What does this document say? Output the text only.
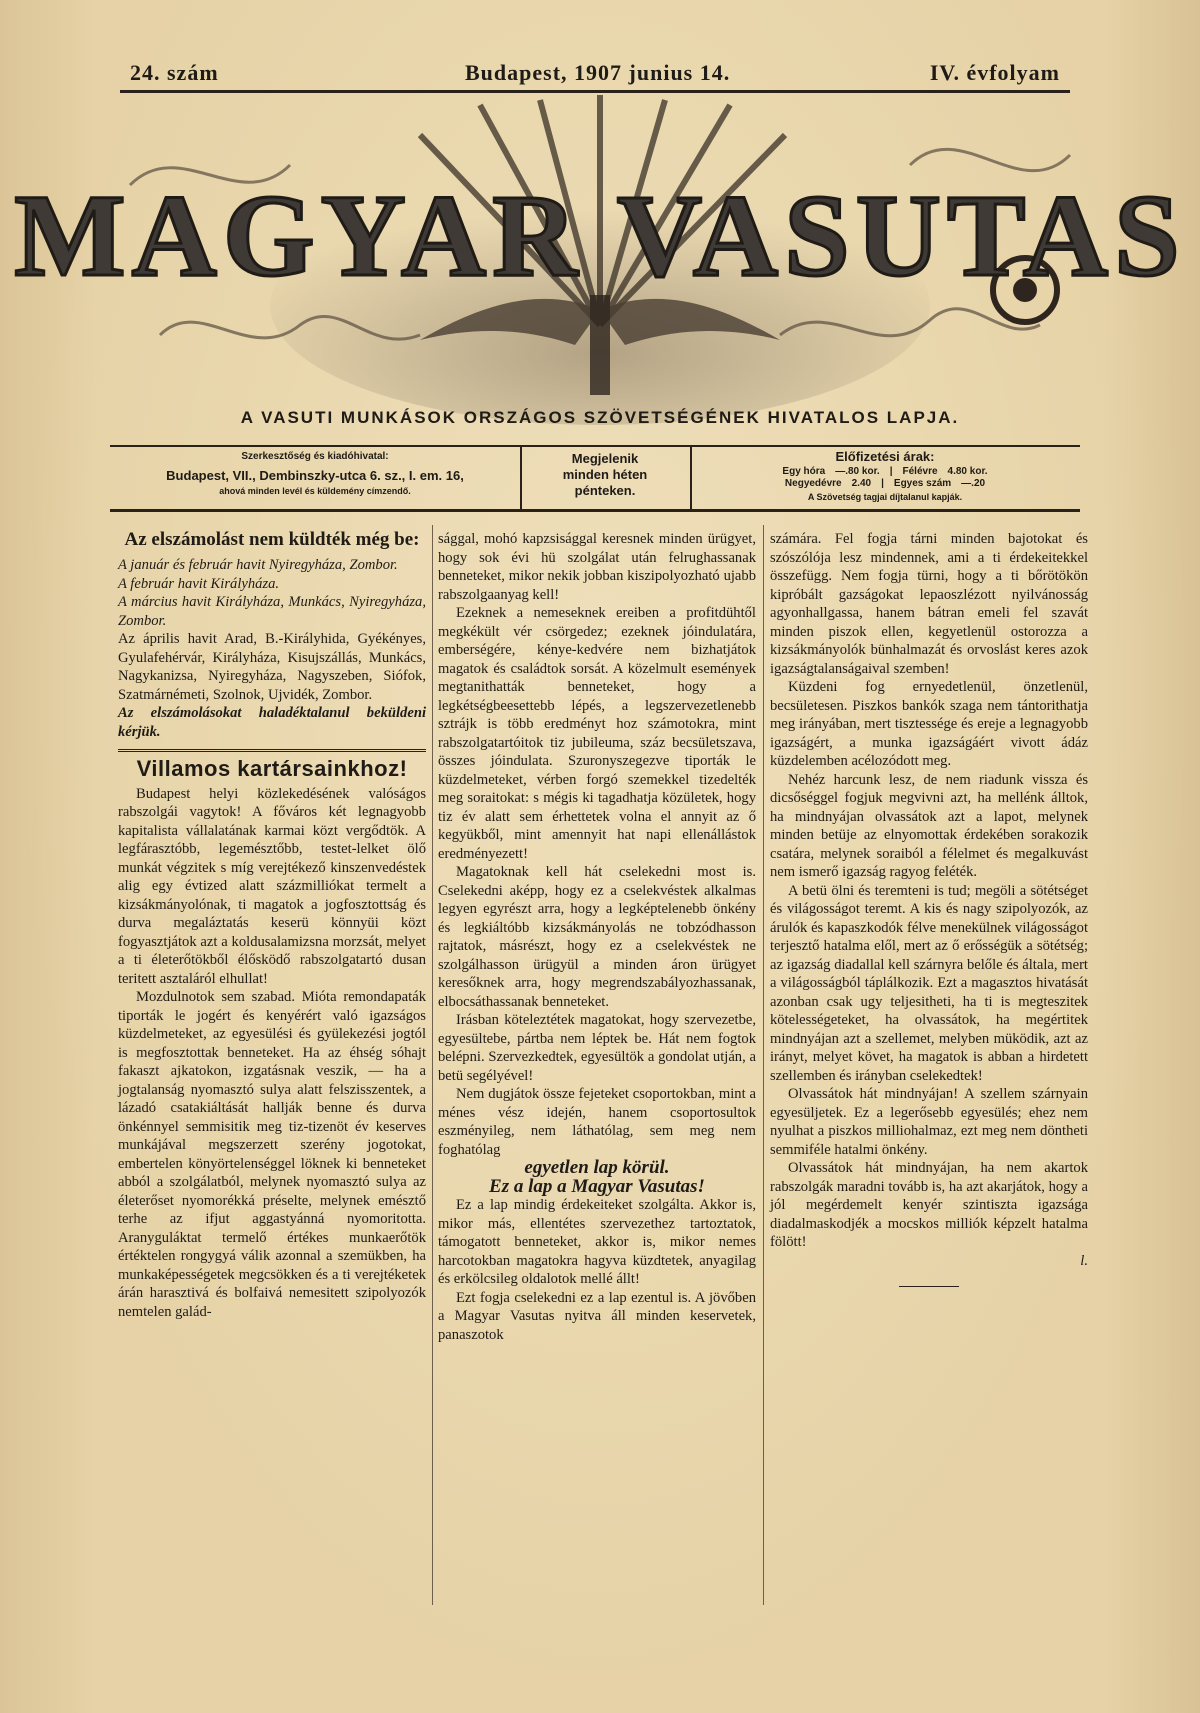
24. szám	Budapest, 1907 junius 14.	IV. évfolyam
MAGYAR VASUTAS
A VASUTI MUNKÁSOK ORSZÁGOS SZÖVETSÉGÉNEK HIVATALOS LAPJA.
Szerkesztőség és kiadóhivatal:
Budapest, VII., Dembinszky-utca 6. sz., I. em. 16,
ahová minden levél és küldemény címzendő.
Megjelenik
minden héten
pénteken.
Előfizetési árak:
Egy hóra —.80 kor. | Félévre 4.80 kor.
Negyedévre 2.40 | Egyes szám —.20
A Szövetség tagjai díjtalanul kapják.
Az elszámolást nem küldték még be:

A január és február havit Nyiregyháza, Zombor.

A február havit Királyháza.

A március havit Királyháza, Munkács, Nyiregyháza, Zombor.

Az április havit Arad, B.-Királyhida, Gyékényes, Gyulafehérvár, Királyháza, Kisujszállás, Munkács, Nagykanizsa, Nyiregyháza, Nagyszeben, Siófok, Szatmárnémeti, Szolnok, Ujvidék, Zombor.

Az elszámolásokat haladéktalanul beküldeni kérjük.

Villamos kartársainkhoz!

Budapest helyi közlekedésének valóságos rabszolgái vagytok! A főváros két legnagyobb kapitalista vállalatának karmai közt vergődtök. A legfárasztóbb, legemésztőbb, testet-lelket ölő munkát végzitek s míg verejtékező kinszenvedéstek alig egy évtized alatt százmilliókat termelt a kizsákmányolónak, ti magatok a jogfosztottság és durva megaláztatás keserü könnyüi közt fogyasztjátok azt a koldusalamizsna morzsát, melyet a ti életerőtökből élősködő rabszolgatartó dusan teritett asztaláról elhullat!

Mozdulnotok sem szabad. Mióta remondapaták tiporták le jogért és kenyérért való igazságos küzdelmeteket, az egyesülési és gyülekezési jogtól is megfosztottak benneteket. Ha az éhség sóhajt fakaszt ajkatokon, izgatásnak veszik, — ha a jogtalanság nyomasztó sulya alatt felszisszentek, a lázadó csatakiáltását hallják benne és durva önkénnyel semmisitik meg tiz-tizenöt év keserves munkájával megszerzett szerény jogotokat, embertelen könyörtelenséggel löknek ki benneteket abból a szolgálatból, melynek nyomasztó sulya az életerőset nyomorékká préselte, melynek emésztő terhe az ifjut aggastyánná nyomoritotta. Aranyguláktat termelő értékes munkaerőtök értéktelen rongygyá válik azonnal a szemükben, ha munkaképességetek megcsökken és a ti verejtéketek árán harasztivá és bolfaivá nemesitett szipolyozók nemtelen galád-

sággal, mohó kapzsisággal keresnek minden ürügyet, hogy sok évi hü szolgálat után felrughassanak benneteket, mikor nekik jobban kiszipolyozható ujabb rabszolgaanyag kell!

Ezeknek a nemeseknek ereiben a profitdühtől megkékült vér csörgedez; ezeknek jóindulatára, emberségére, kénye-kedvére nem bizhatjátok magatok és családtok sorsát. A közelmult események megtanithatták benneteket, hogy a legkétségbeesettebb lépés, a legszervezetlenebb sztrájk is több eredményt hoz számotokra, mint rabszolgatartóitok tiz jubileuma, száz becsületszava, összes jóindulata. Szuronyszegezve tiporták le küzdelmeteket, vérben forgó szemekkel tizedelték meg soraitokat: s mégis ki tagadhatja közületek, hogy tiz év alatt sem érhettetek volna el annyit az ő kegyükből, mint amennyit hat napi ellenállástok eredményezett!

Magatoknak kell hát cselekedni most is. Cselekedni aképp, hogy ez a cselekvéstek alkalmas legyen egyrészt arra, hogy a legképtelenebb önkény és legkiáltóbb kizsákmányolás ne tobzódhasson rajtatok, másrészt, hogy ez a cselekvéstek ne szolgálhasson ürügyül a minden áron ürügyet keresőknek arra, hogy megrendszabályozhassanak, elbocsáthassanak benneteket.

Irásban köteleztétek magatokat, hogy szervezetbe, egyesültebe, pártba nem léptek be. Hát nem fogtok belépni. Szervezkedtek, egyesültök a gondolat utján, a betü segélyével!

Nem dugjátok össze fejeteket csoportokban, mint a ménes vész idején, hanem csoportosultok eszményileg, nem láthatólag, sem meg nem foghatólag

egyetlen lap körül.

Ez a lap a Magyar Vasutas!

Ez a lap mindig érdekeiteket szolgálta. Akkor is, mikor más, ellentétes szervezethez tartoztatok, támogatott benneteket, akkor is, mikor nemes harcotokban magatokra hagyva küzdtetek, anyagilag és erkölcsileg oldalotok mellé állt!

Ezt fogja cselekedni ez a lap ezentul is. A jövőben a Magyar Vasutas nyitva áll minden keservetek, panaszotok

számára. Fel fogja tárni minden bajotokat és szószólója lesz mindennek, ami a ti érdekeitekkel összefügg. Nem fogja türni, hogy a ti bőrötökön kipróbált gazságokat lepaoszlézott nyilvánosság agyonhallgassa, hanem bátran emeli fel szavát minden piszok ellen, kegyetlenül ostorozza a kizsákmányolók bünhalmazát és orvoslást keres azok igazságtalanságaival szemben!

Küzdeni fog ernyedetlenül, önzetlenül, becsületesen. Piszkos bankók szaga nem tántorithatja meg irányában, mert tisztessége és ereje a legnagyobb igazságért, a munka igazságáért vivott ádáz küzdelemben acélozódott meg.

Nehéz harcunk lesz, de nem riadunk vissza és dicsőséggel fogjuk megvivni azt, ha mellénk álltok, ha mindnyájan olvassátok azt a lapot, melynek minden betüje az elnyomottak érdekében sorakozik csatára, melynek soraiból a félelmet és megalkuvást nem ismerő igazság ragyog feléték.

A betü ölni és teremteni is tud; megöli a sötétséget és világosságot teremt. A kis és nagy szipolyozók, az árulók és kapaszkodók félve menekülnek világosságot terjesztő hatalma elől, mert az ő erősségük a sötétség; az igazság diadallal kell szárnyra belőle és általa, mert a világosságból táplálkozik. Ezt a magasztos hivatását azonban csak ugy teljesitheti, ha ti is megteszitek kötelességeteket, ha olvassátok, ha megértitek mindnyájan azt a szellemet, melyben müködik, azt az irányt, melyet követ, ha magatok is abban a hirdetett szellemben és irányban cselekedtek!

Olvassátok hát mindnyájan! A szellem szárnyain egyesüljetek. Ez a legerősebb egyesülés; ehez nem nyulhat a piszkos milliohalmaz, ezt meg nem döntheti semmiféle hatalmi önkény.

Olvassátok hát mindnyájan, ha nem akartok rabszolgák maradni tovább is, ha azt akarjátok, hogy a jól megérdemelt kenyér szintiszta igazsága diadalmaskodjék a mocskos milliók képzelt hatalma fölött!

l.
